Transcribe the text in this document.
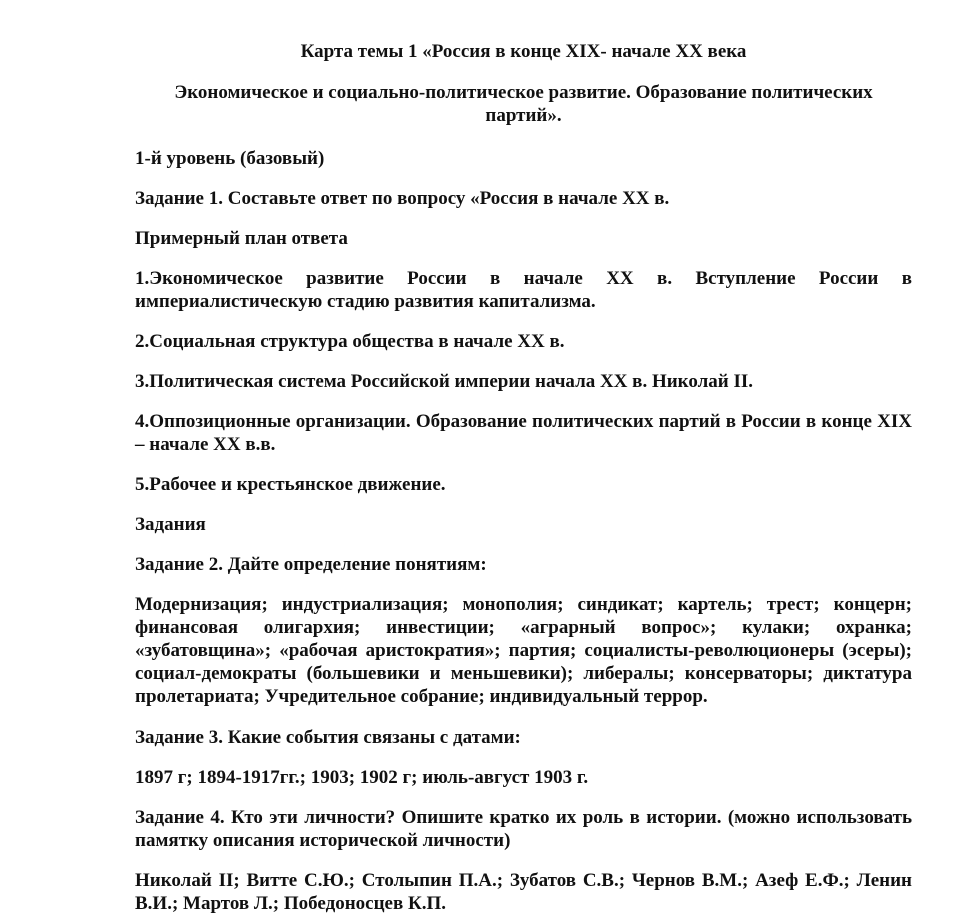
Карта темы 1 «Россия в конце XIX- начале XX века

Экономическое и социально-политическое развитие. Образование политических партий».

1-й уровень (базовый)

Задание 1. Составьте ответ по вопросу «Россия в начале XX в.

Примерный план ответа

1.Экономическое развитие России в начале XX в. Вступление России в империалистическую стадию развития капитализма.

2.Социальная структура общества в начале XX в.

3.Политическая система Российской империи начала XX в. Николай II.

4.Оппозиционные организации. Образование политических партий в России в конце XIX – начале XX в.в.

5.Рабочее и крестьянское движение.

Задания

Задание 2. Дайте определение понятиям:

Модернизация; индустриализация; монополия; синдикат; картель; трест; концерн; финансовая олигархия; инвестиции; «аграрный вопрос»; кулаки; охранка; «зубатовщина»; «рабочая аристократия»; партия; социалисты-революционеры (эсеры); социал-демократы (большевики и меньшевики); либералы; консерваторы; диктатура пролетариата; Учредительное собрание; индивидуальный террор.

Задание 3. Какие события связаны с датами:

1897 г; 1894-1917гг.; 1903; 1902 г; июль-август 1903 г.

Задание 4. Кто эти личности? Опишите кратко их роль в истории. (можно использовать памятку описания исторической личности)

Николай II; Витте С.Ю.; Столыпин П.А.; Зубатов С.В.; Чернов В.М.; Азеф Е.Ф.; Ленин В.И.; Мартов Л.; Победоносцев К.П.
